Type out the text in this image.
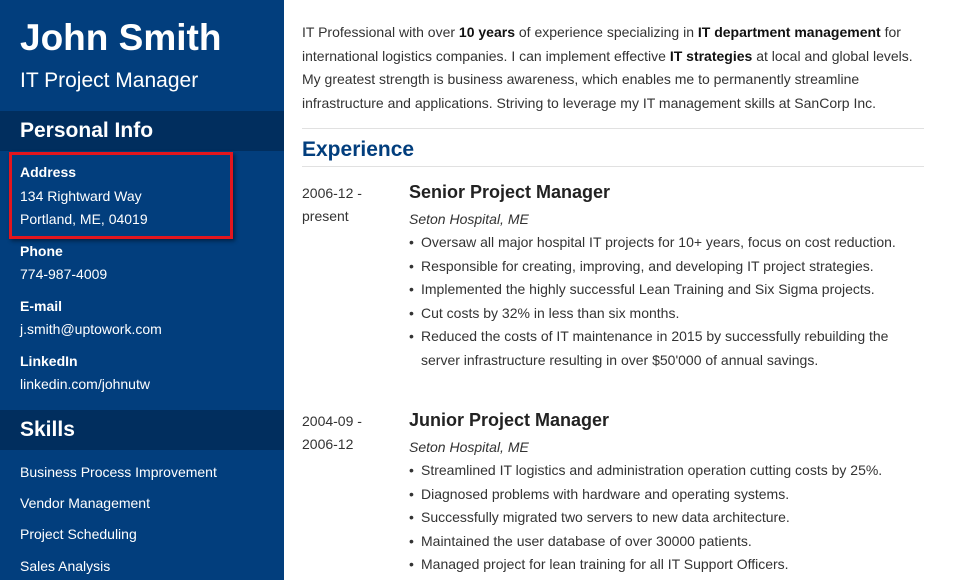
John Smith
IT Project Manager
Personal Info
Address
134 Rightward Way
Portland, ME, 04019
Phone
774-987-4009
E-mail
j.smith@uptowork.com
LinkedIn
linkedin.com/johnutw
Skills
Business Process Improvement
Vendor Management
Project Scheduling
Sales Analysis
IT Professional with over 10 years of experience specializing in IT department management for international logistics companies. I can implement effective IT strategies at local and global levels. My greatest strength is business awareness, which enables me to permanently streamline infrastructure and applications. Striving to leverage my IT management skills at SanCorp Inc.
Experience
2006-12 -
present
Senior Project Manager
Seton Hospital, ME
• Oversaw all major hospital IT projects for 10+ years, focus on cost reduction.
• Responsible for creating, improving, and developing IT project strategies.
• Implemented the highly successful Lean Training and Six Sigma projects.
• Cut costs by 32% in less than six months.
• Reduced the costs of IT maintenance in 2015 by successfully rebuilding the server infrastructure resulting in over $50'000 of annual savings.
2004-09 -
2006-12
Junior Project Manager
Seton Hospital, ME
• Streamlined IT logistics and administration operation cutting costs by 25%.
• Diagnosed problems with hardware and operating systems.
• Successfully migrated two servers to new data architecture.
• Maintained the user database of over 30000 patients.
• Managed project for lean training for all IT Support Officers.
